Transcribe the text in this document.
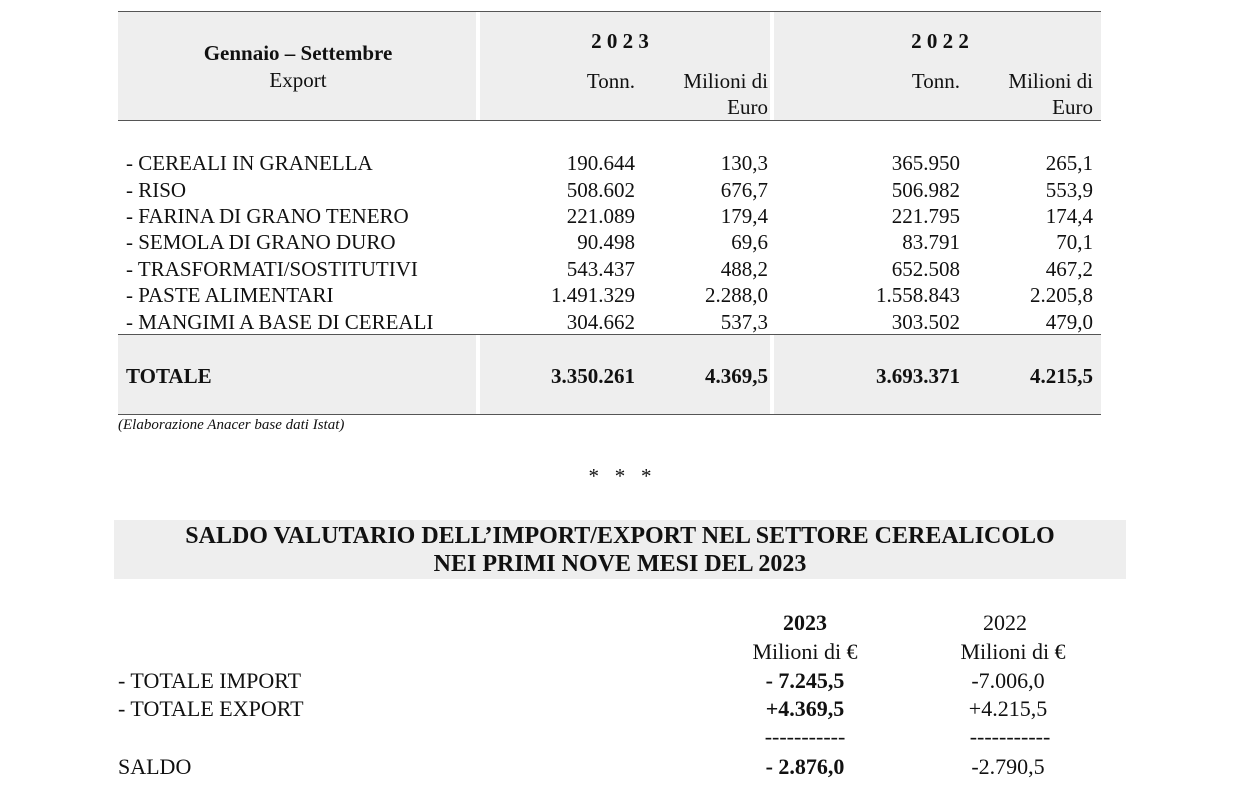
Gennaio – Settembre
Export
2 0 2 3	2 0 2 2
Tonn.	Milioni di
Euro
Tonn.	Milioni di
Euro
- CEREALI IN GRANELLA	190.644	130,3	365.950	265,1
- RISO	508.602	676,7	506.982	553,9
- FARINA DI GRANO TENERO	221.089	179,4	221.795	174,4
- SEMOLA DI GRANO DURO	90.498	69,6	83.791	70,1
- TRASFORMATI/SOSTITUTIVI	543.437	488,2	652.508	467,2
- PASTE ALIMENTARI	1.491.329	2.288,0	1.558.843	2.205,8
- MANGIMI A BASE DI CEREALI	304.662	537,3	303.502	479,0
TOTALE	3.350.261	4.369,5	3.693.371	4.215,5
(Elaborazione Anacer base dati Istat)
*   *   *
SALDO VALUTARIO DELL’IMPORT/EXPORT NEL SETTORE CEREALICOLO
NEI PRIMI NOVE MESI DEL 2023
2023	2022
Milioni di €	Milioni di €
- TOTALE IMPORT	- 7.245,5	-7.006,0
- TOTALE EXPORT	+4.369,5	+4.215,5
-----------	-----------
SALDO	- 2.876,0	-2.790,5
